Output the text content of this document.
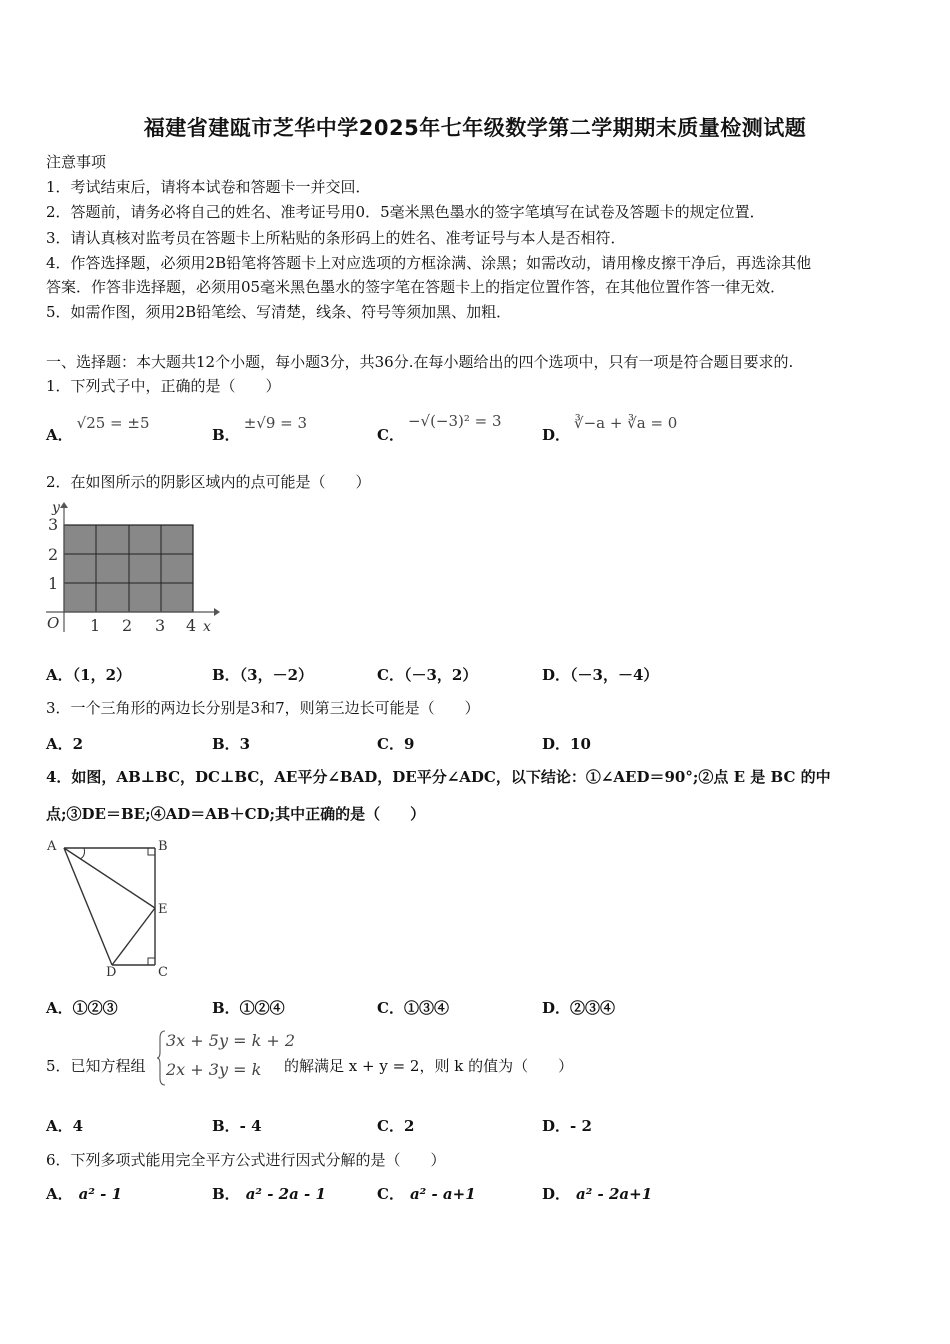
福建省建瓯市芝华中学2025年七年级数学第二学期期末质量检测试题
注意事项
1．考试结束后，请将本试卷和答题卡一并交回．
2．答题前，请务必将自己的姓名、准考证号用0．5毫米黑色墨水的签字笔填写在试卷及答题卡的规定位置．
3．请认真核对监考员在答题卡上所粘贴的条形码上的姓名、准考证号与本人是否相符．
4．作答选择题，必须用2B铅笔将答题卡上对应选项的方框涂满、涂黑；如需改动，请用橡皮擦干净后，再选涂其他
答案．作答非选择题，必须用05毫米黑色墨水的签字笔在答题卡上的指定位置作答，在其他位置作答一律无效．
5．如需作图，须用2B铅笔绘、写清楚，线条、符号等须加黑、加粗．
一、选择题：本大题共12个小题，每小题3分，共36分.在每小题给出的四个选项中，只有一项是符合题目要求的.
1．下列式子中，正确的是（　　）
A．√25 = ±5
B．±√9 = 3
C．−√(−3)² = 3
D．∛−a + ∛a = 0
2．在如图所示的阴影区域内的点可能是（　　）
y
3
2
1
O 1 2 3 4 x
A．（1，2）	B．（3，－2）	C．（－3，2）	D．（－3，－4）
3．一个三角形的两边长分别是3和7，则第三边长可能是（　　）
A．2	B．3	C．9	D．10
4．如图，AB⊥BC，DC⊥BC，AE平分∠BAD，DE平分∠ADC，以下结论：①∠AED＝90°;②点 E 是 BC 的中
点;③DE＝BE;④AD＝AB＋CD;其中正确的是（　　）
A	B
E
D	C
A．①②③	B．①②④	C．①③④	D．②③④
5．已知方程组
3x + 5y = k + 2
2x + 3y = k 的解满足 x + y = 2，则 k 的值为（　　）
A．4	B．- 4	C．2	D．- 2
6．下列多项式能用完全平方公式进行因式分解的是（　　）
A． a² - 1	B． a² - 2a - 1	C． a² - a+1	D． a² - 2a+1
